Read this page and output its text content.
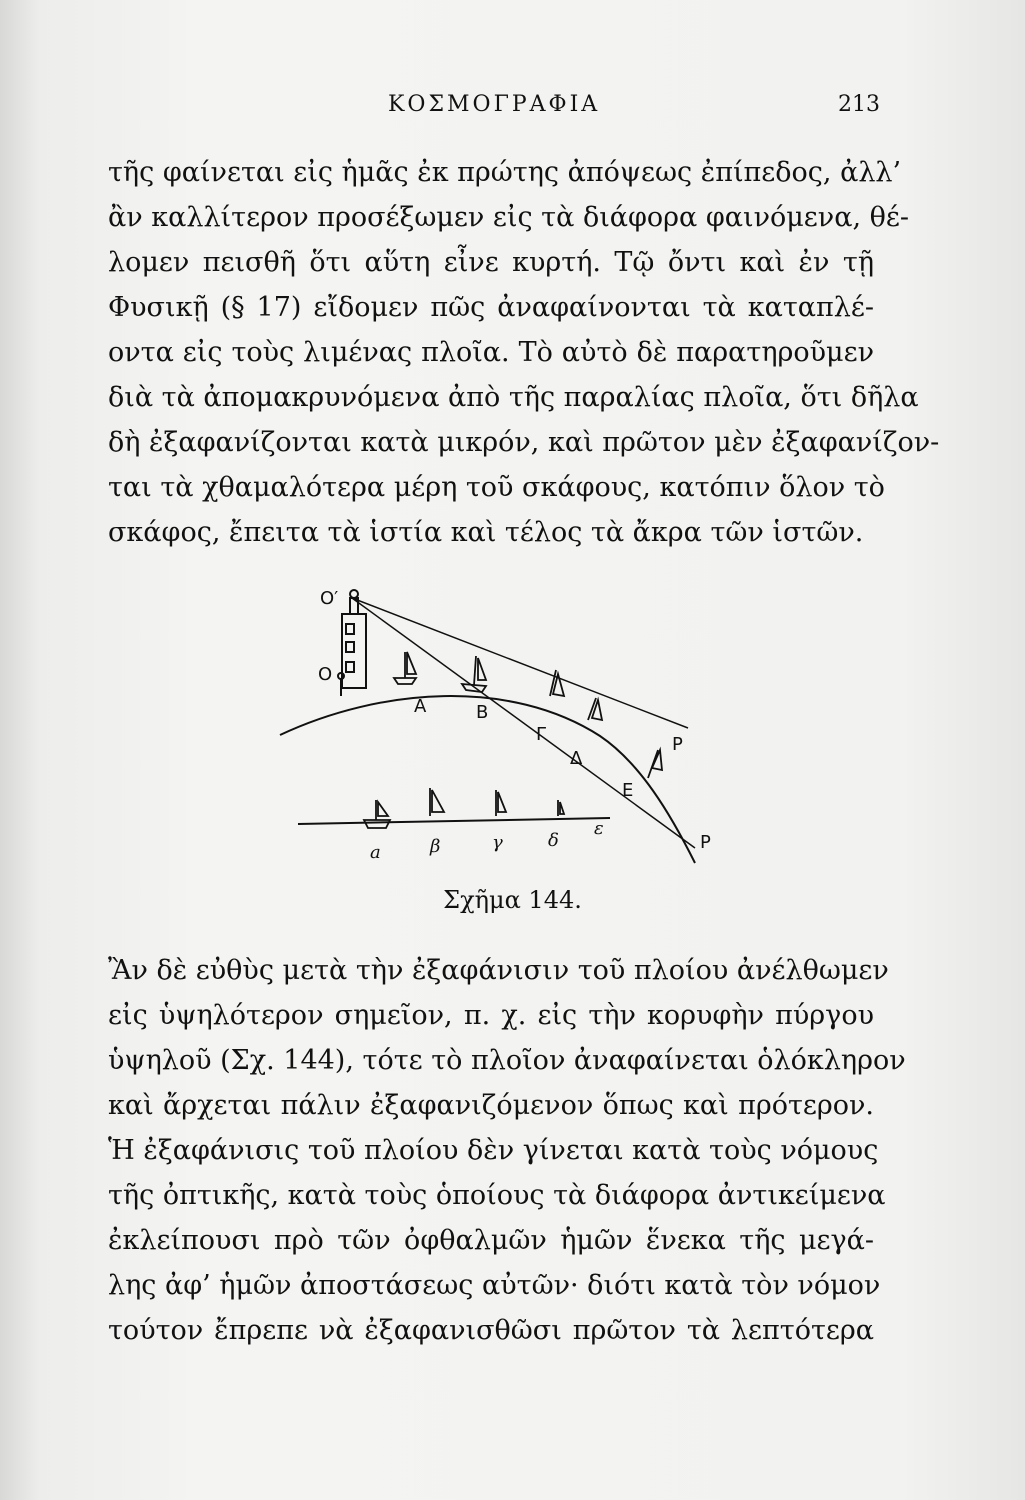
ΚΟΣΜΟΓΡΑΦΙΑ	213
τῆς φαίνεται εἰς ἡμᾶς ἐκ πρώτης ἀπόψεως ἐπίπεδος, ἀλλ’
ἂν καλλίτερον προσέξωμεν εἰς τὰ διάφορα φαινόμενα, θέ-
λομεν πεισθῆ ὅτι αὕτη εἶνε κυρτή. Τῷ ὄντι καὶ ἐν τῇ
Φυσικῇ (§ 17) εἴδομεν πῶς ἀναφαίνονται τὰ καταπλέ-
οντα εἰς τοὺς λιμένας πλοῖα. Τὸ αὐτὸ δὲ παρατηροῦμεν
διὰ τὰ ἀπομακρυνόμενα ἀπὸ τῆς παραλίας πλοῖα, ὅτι δῆλα
δὴ ἐξαφανίζονται κατὰ μικρόν, καὶ πρῶτον μὲν ἐξαφανίζον-
ται τὰ χθαμαλότερα μέρη τοῦ σκάφους, κατόπιν ὅλον τὸ
σκάφος, ἔπειτα τὰ ἱστία καὶ τέλος τὰ ἄκρα τῶν ἱστῶν.
O′
O
Α	Β
Γ
Δ
Ε
P
P
a	β	γ	δ
ε
Σχῆμα 144.
Ἂν δὲ εὐθὺς μετὰ τὴν ἐξαφάνισιν τοῦ πλοίου ἀνέλθωμεν
εἰς ὑψηλότερον σημεῖον, π. χ. εἰς τὴν κορυφὴν πύργου
ὑψηλοῦ (Σχ. 144), τότε τὸ πλοῖον ἀναφαίνεται ὁλόκληρον
καὶ ἄρχεται πάλιν ἐξαφανιζόμενον ὅπως καὶ πρότερον.
Ἡ ἐξαφάνισις τοῦ πλοίου δὲν γίνεται κατὰ τοὺς νόμους
τῆς ὀπτικῆς, κατὰ τοὺς ὁποίους τὰ διάφορα ἀντικείμενα
ἐκλείπουσι πρὸ τῶν ὀφθαλμῶν ἡμῶν ἕνεκα τῆς μεγά-
λης ἀφ’ ἡμῶν ἀποστάσεως αὐτῶν· διότι κατὰ τὸν νόμον
τούτον ἔπρεπε νὰ ἐξαφανισθῶσι πρῶτον τὰ λεπτότερα
